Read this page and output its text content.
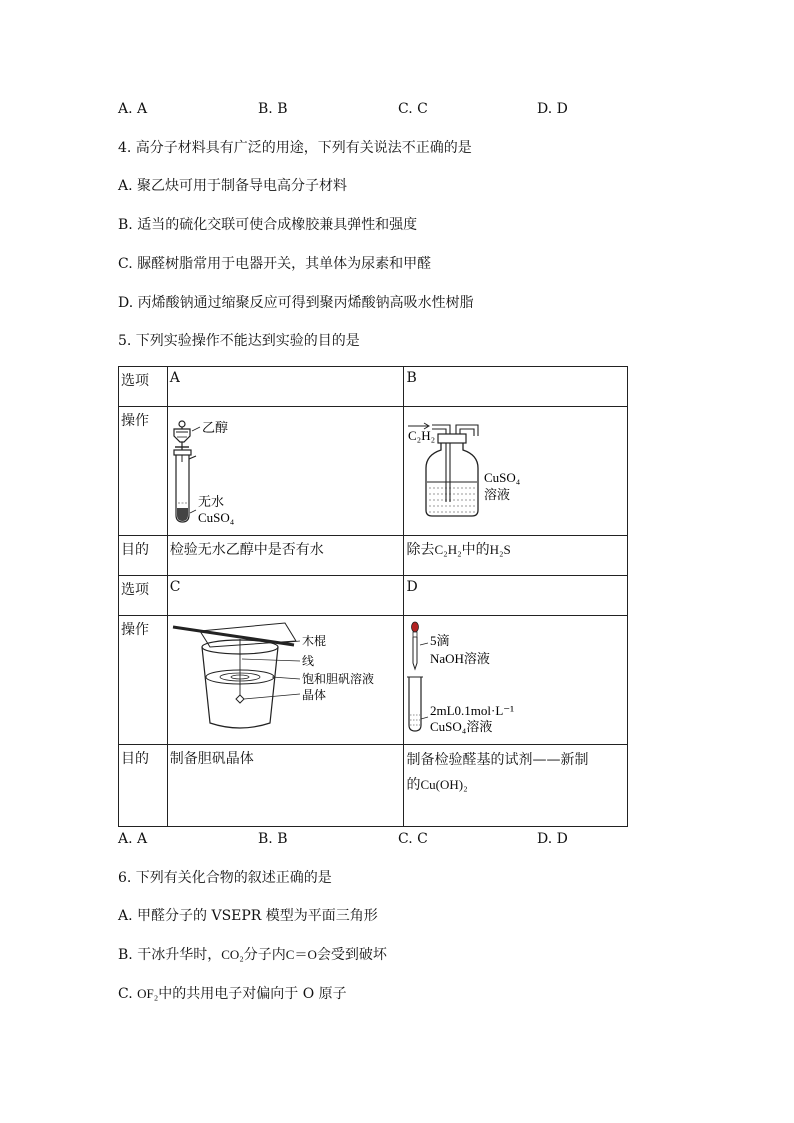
A. A	B. B	C. C	D. D
4. 高分子材料具有广泛的用途，下列有关说法不正确的是
A. 聚乙炔可用于制备导电高分子材料
B. 适当的硫化交联可使合成橡胶兼具弹性和强度
C. 脲醛树脂常用于电器开关，其单体为尿素和甲醛
D. 丙烯酸钠通过缩聚反应可得到聚丙烯酸钠高吸水性树脂
5. 下列实验操作不能达到实验的目的是
选项	A	B
操作	乙醇
无水
CuSO₄	C₂H₂
CuSO₄
溶液

目的	检验无水乙醇中是否有水	除去C₂H₂中的H₂S
选项	C	D
操作	木棍
线
饱和胆矾溶液
晶体	5滴
NaOH溶液
2mL0.1mol·L⁻¹
CuSO₄溶液

目的	制备胆矾晶体	制备检验醛基的试剂——新制
的Cu(OH)₂
A. A	B. B	C. C	D. D
6. 下列有关化合物的叙述正确的是
A. 甲醛分子的 VSEPR 模型为平面三角形
B. 干冰升华时，CO₂分子内C＝O会受到破坏
C. OF₂中的共用电子对偏向于 O 原子
